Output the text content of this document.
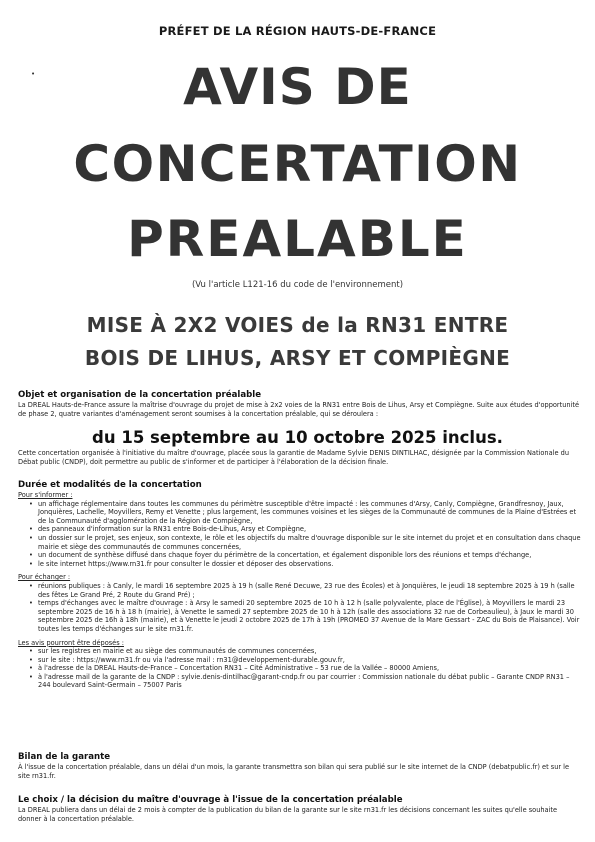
PRÉFET DE LA RÉGION HAUTS-DE-FRANCE
•	AVIS DE
CONCERTATION
PREALABLE
(Vu l'article L121-16 du code de l'environnement)
MISE À 2X2 VOIES de la RN31 ENTRE
BOIS DE LIHUS, ARSY ET COMPIÈGNE
Objet et organisation de la concertation préalable
La DREAL Hauts-de-France assure la maîtrise d'ouvrage du projet de mise à 2x2 voies de la RN31 entre Bois de Lihus, Arsy et Compiègne. Suite aux études d'opportunité de phase 2, quatre variantes d'aménagement seront soumises à la concertation préalable, qui se déroulera :
du 15 septembre au 10 octobre 2025 inclus.
Cette concertation organisée à l'initiative du maître d'ouvrage, placée sous la garantie de Madame Sylvie DENIS DINTILHAC, désignée par la Commission Nationale du Débat public (CNDP), doit permettre au public de s'informer et de participer à l'élaboration de la décision finale.
Durée et modalités de la concertation
Pour s'informer :
• un affichage réglementaire dans toutes les communes du périmètre susceptible d'être impacté : les communes d'Arsy, Canly, Compiègne, Grandfresnoy, Jaux, Jonquières, Lachelle, Moyvillers, Remy et Venette ; plus largement, les communes voisines et les sièges de la Communauté de communes de la Plaine d'Estrées et de la Communauté d'agglomération de la Région de Compiègne,
• des panneaux d'information sur la RN31 entre Bois-de-Lihus, Arsy et Compiègne,
• un dossier sur le projet, ses enjeux, son contexte, le rôle et les objectifs du maître d'ouvrage disponible sur le site internet du projet et en consultation dans chaque mairie et siège des communautés de communes concernées,
• un document de synthèse diffusé dans chaque foyer du périmètre de la concertation, et également disponible lors des réunions et temps d'échange,
• le site internet https://www.rn31.fr pour consulter le dossier et déposer des observations.
Pour échanger :
• réunions publiques : à Canly, le mardi 16 septembre 2025 à 19 h (salle René Decuwe, 23 rue des Écoles) et à Jonquières, le jeudi 18 septembre 2025 à 19 h (salle des fêtes Le Grand Pré, 2 Route du Grand Pré) ;
• temps d'échanges avec le maître d'ouvrage : à Arsy le samedi 20 septembre 2025 de 10 h à 12 h (salle polyvalente, place de l'Église), à Moyvillers le mardi 23 septembre 2025 de 16 h à 18 h (mairie), à Venette le samedi 27 septembre 2025 de 10 h à 12h (salle des associations 32 rue de Corbeaulieu), à Jaux le mardi 30 septembre 2025 de 16h à 18h (mairie), et à Venette le jeudi 2 octobre 2025 de 17h à 19h (PROMEO 37 Avenue de la Mare Gessart - ZAC du Bois de Plaisance). Voir toutes les temps d'échanges sur le site rn31.fr.
Les avis pourront être déposés :
• sur les registres en mairie et au siège des communautés de communes concernées,
• sur le site : https://www.rn31.fr ou via l'adresse mail : rn31@developpement-durable.gouv.fr,
• à l'adresse de la DREAL Hauts-de-France – Concertation RN31 – Cité Administrative – 53 rue de la Vallée – 80000 Amiens,
• à l'adresse mail de la garante de la CNDP : sylvie.denis-dintilhac@garant-cndp.fr ou par courrier : Commission nationale du débat public – Garante CNDP RN31 – 244 boulevard Saint-Germain – 75007 Paris
Bilan de la garante
À l'issue de la concertation préalable, dans un délai d'un mois, la garante transmettra son bilan qui sera publié sur le site internet de la CNDP (debatpublic.fr) et sur le site rn31.fr.
Le choix / la décision du maître d'ouvrage à l'issue de la concertation préalable
La DREAL publiera dans un délai de 2 mois à compter de la publication du bilan de la garante sur le site rn31.fr les décisions concernant les suites qu'elle souhaite donner à la concertation préalable.
